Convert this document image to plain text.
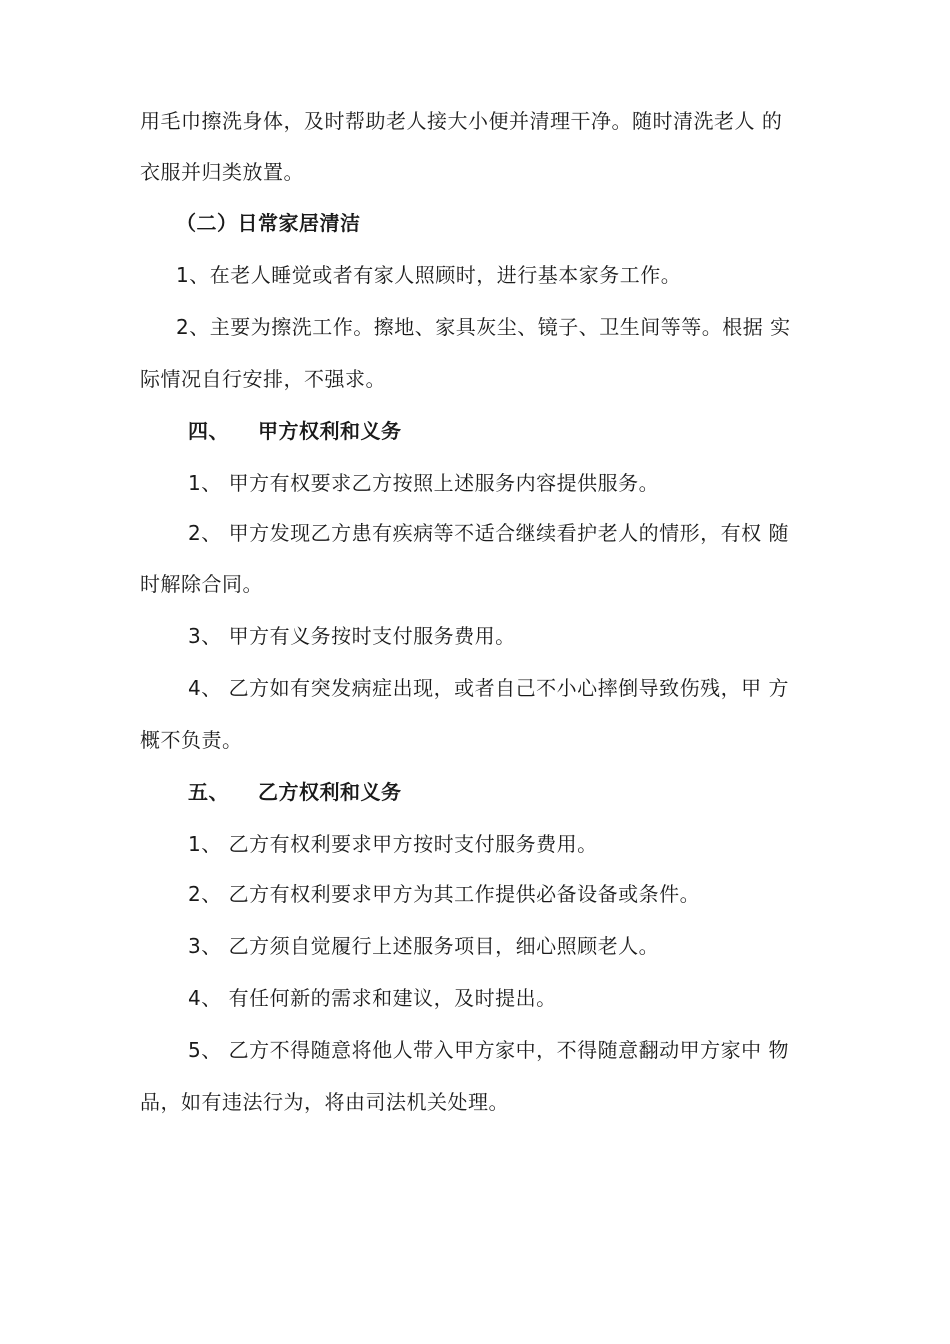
用毛巾擦洗身体，及时帮助老人接大小便并清理干净。随时清洗老人 的
衣服并归类放置。
（二）日常家居清洁
1、在老人睡觉或者有家人照顾时，进行基本家务工作。
2、主要为擦洗工作。擦地、家具灰尘、镜子、卫生间等等。根据 实
际情况自行安排，不强求。
四、 甲方权利和义务
1、 甲方有权要求乙方按照上述服务内容提供服务。
2、 甲方发现乙方患有疾病等不适合继续看护老人的情形，有权 随
时解除合同。
3、 甲方有义务按时支付服务费用。
4、 乙方如有突发病症出现，或者自己不小心摔倒导致伤残，甲 方
概不负责。
五、 乙方权利和义务
1、 乙方有权利要求甲方按时支付服务费用。
2、 乙方有权利要求甲方为其工作提供必备设备或条件。
3、 乙方须自觉履行上述服务项目，细心照顾老人。
4、 有任何新的需求和建议，及时提出。
5、 乙方不得随意将他人带入甲方家中，不得随意翻动甲方家中 物
品，如有违法行为，将由司法机关处理。
